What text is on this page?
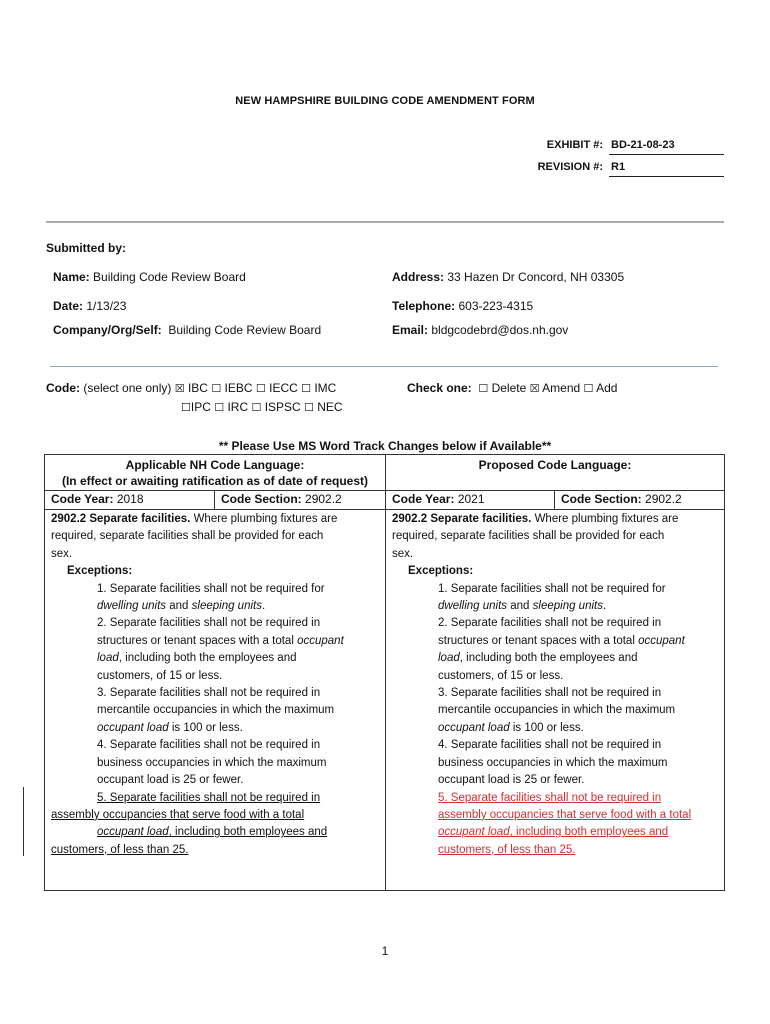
NEW HAMPSHIRE BUILDING CODE AMENDMENT FORM
EXHIBIT #: BD-21-08-23
REVISION #: R1
Submitted by:
Name: Building Code Review Board	Address: 33 Hazen Dr Concord, NH 03305
Date: 1/13/23	Telephone: 603-223-4315
Company/Org/Self: Building Code Review Board	Email: bldgcodebrd@dos.nh.gov
Code: (select one only) ☒ IBC ☐ IEBC ☐ IECC ☐ IMC
☐IPC ☐ IRC ☐ ISPSC ☐ NEC
Check one: ☐ Delete ☒ Amend ☐ Add
** Please Use MS Word Track Changes below if Available**
Applicable NH Code Language:
(In effect or awaiting ratification as of date of request)
Proposed Code Language:
Code Year: 2018	Code Section: 2902.2	Code Year: 2021	Code Section: 2902.2
2902.2 Separate facilities. Where plumbing fixtures are
required, separate facilities shall be provided for each
sex.
Exceptions:
1. Separate facilities shall not be required for
dwelling units and sleeping units.
2. Separate facilities shall not be required in
structures or tenant spaces with a total occupant
load, including both the employees and
customers, of 15 or less.
3. Separate facilities shall not be required in
mercantile occupancies in which the maximum
occupant load is 100 or less.
4. Separate facilities shall not be required in
business occupancies in which the maximum
occupant load is 25 or fewer.
5. Separate facilities shall not be required in
assembly occupancies that serve food with a total
occupant load, including both employees and
customers, of less than 25.
2902.2 Separate facilities. Where plumbing fixtures are
required, separate facilities shall be provided for each
sex.
Exceptions:
1. Separate facilities shall not be required for
dwelling units and sleeping units.
2. Separate facilities shall not be required in
structures or tenant spaces with a total occupant
load, including both the employees and
customers, of 15 or less.
3. Separate facilities shall not be required in
mercantile occupancies in which the maximum
occupant load is 100 or less.
4. Separate facilities shall not be required in
business occupancies in which the maximum
occupant load is 25 or fewer.
5. Separate facilities shall not be required in
assembly occupancies that serve food with a total
occupant load, including both employees and
customers, of less than 25.
1
